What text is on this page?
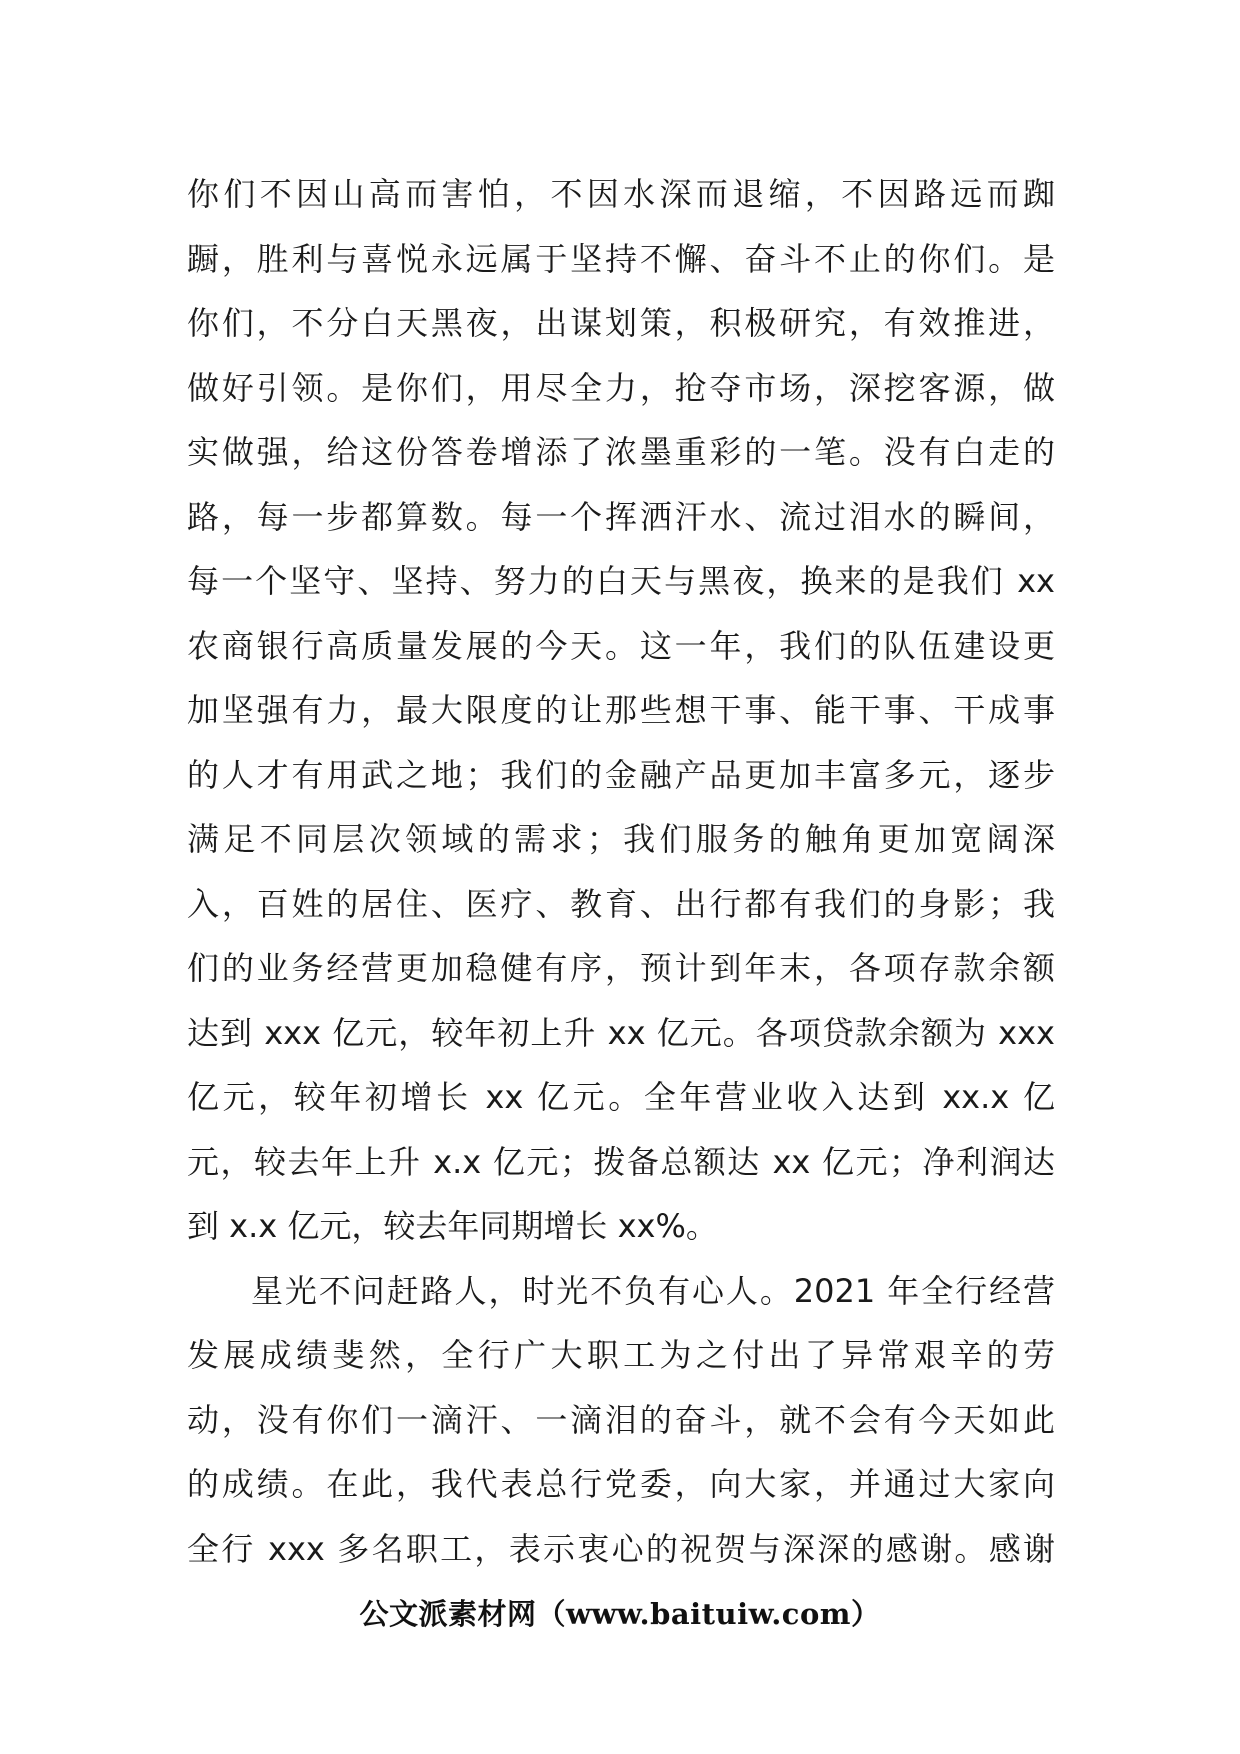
你们不因山高而害怕，不因水深而退缩，不因路远而踟
蹰，胜利与喜悦永远属于坚持不懈、奋斗不止的你们。是
你们，不分白天黑夜，出谋划策，积极研究，有效推进，
做好引领。是你们，用尽全力，抢夺市场，深挖客源，做
实做强，给这份答卷增添了浓墨重彩的一笔。没有白走的
路，每一步都算数。每一个挥洒汗水、流过泪水的瞬间，
每一个坚守、坚持、努力的白天与黑夜，换来的是我们 xx
农商银行高质量发展的今天。这一年，我们的队伍建设更
加坚强有力，最大限度的让那些想干事、能干事、干成事
的人才有用武之地；我们的金融产品更加丰富多元，逐步
满足不同层次领域的需求；我们服务的触角更加宽阔深
入，百姓的居住、医疗、教育、出行都有我们的身影；我
们的业务经营更加稳健有序，预计到年末，各项存款余额
达到 xxx 亿元，较年初上升 xx 亿元。各项贷款余额为 xxx
亿元，较年初增长 xx 亿元。全年营业收入达到 xx.x 亿
元，较去年上升 x.x 亿元；拨备总额达 xx 亿元；净利润达
到 x.x 亿元，较去年同期增长 xx%。
星光不问赶路人，时光不负有心人。2021 年全行经营
发展成绩斐然，全行广大职工为之付出了异常艰辛的劳
动，没有你们一滴汗、一滴泪的奋斗，就不会有今天如此
的成绩。在此，我代表总行党委，向大家，并通过大家向
全行 xxx 多名职工，表示衷心的祝贺与深深的感谢。感谢
公文派素材网（www.baituiw.com）
